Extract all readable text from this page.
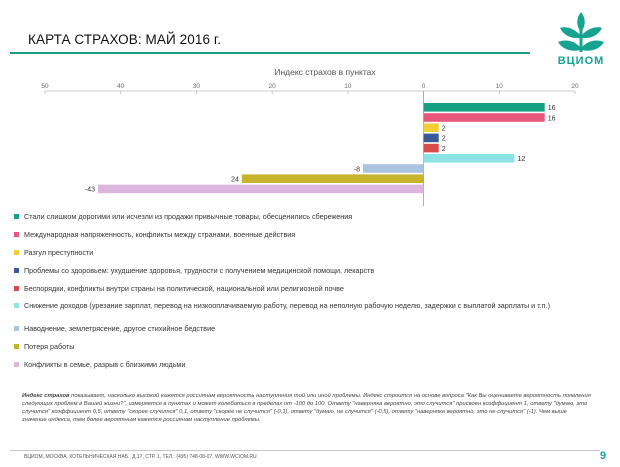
КАРТА СТРАХОВ: МАЙ 2016 г.
ВЦИОМ
Индекс страхов в пунктах
50	40	30	20	10	0	10	20
16
16
2
2
2
12
-8
24
-43
Стали слишком дорогими или исчезли из продажи привычные товары, обесценились сбережения
Международная напряженность, конфликты между странами, военные действия
Разгул преступности
Проблемы со здоровьем: ухудшение здоровья, трудности с получением медицинской помощи, лекарств
Беспорядки, конфликты внутри страны на политической, национальной или религиозной почве
Снижение доходов (урезание зарплат, перевод на низкооплачиваемую работу, перевод на неполную рабочую неделю, задержки с выплатой зарплаты и т.п.)
Наводнение, землетрясение, другое стихийное бедствие
Потеря работы
Конфликты в семье, разрыв с близкими людьми
Индекс страхов показывает, насколько высокой кажется россиянам вероятность наступления той или иной проблемы. Индекс строится на основе вопроса "Как Вы оцениваете вероятность появления следующих проблем в Вашей жизни?", измеряется в пунктах и может колебаться в пределах от -100 до 100. Ответу "наверняка вероятно, это случится" присвоен коэффициент 1, ответу "думаю, это случится" коэффициент 0,5, ответу "скорее случится" 0,1, ответу "скорее не случится" (-0,1), ответу "думаю, не случится" (-0,5), ответу "наверняка вероятно, это не случится" (-1). Чем выше значение индекса, тем более вероятным кажется россиянам наступление проблемы.
ВЦИОМ, МОСКВА, КОТЕЛЬНИЧЕСКАЯ НАБ., Д.17, СТР. 1, ТЕЛ.: (495) 748-08-07, WWW.WCIOM.RU	9
